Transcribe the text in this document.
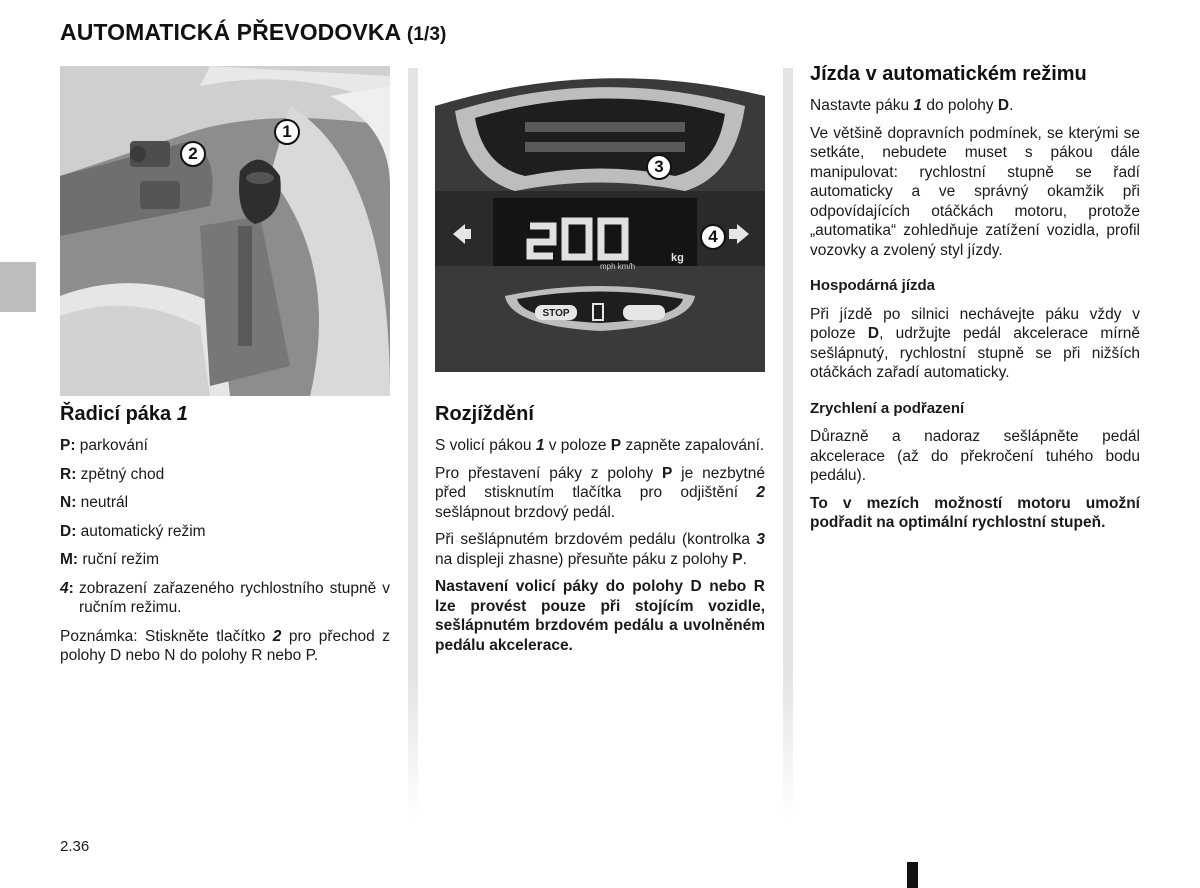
AUTOMATICKÁ PŘEVODOVKA (1/3)
1
2
mph km/h
kg
STOP
3
4
Řadicí páka 1
P: parkování
R: zpětný chod
N: neutrál
D: automatický režim
M: ruční režim
4: zobrazení zařazeného rychlostního stupně v ručním režimu.

Poznámka: Stiskněte tlačítko 2 pro přechod z polohy D nebo N do polohy R nebo P.

Rozjíždění

S volicí pákou 1 v poloze P zapněte zapalování.

Pro přestavení páky z polohy P je nezbytné před stisknutím tlačítka pro odjištění 2 sešlápnout brzdový pedál.

Při sešlápnutém brzdovém pedálu (kontrolka 3 na displeji zhasne) přesuňte páku z polohy P.

Nastavení volicí páky do polohy D nebo R lze provést pouze při stojícím vozidle, sešlápnutém brzdovém pedálu a uvolněném pedálu akcelerace.

Jízda v automatickém režimu

Nastavte páku 1 do polohy D.

Ve většině dopravních podmínek, se kterými se setkáte, nebudete muset s pákou dále manipulovat: rychlostní stupně se řadí automaticky a ve správný okamžik při odpovídajících otáčkách motoru, protože „automatika“ zohledňuje zatížení vozidla, profil vozovky a zvolený styl jízdy.

Hospodárná jízda

Při jízdě po silnici nechávejte páku vždy v poloze D, udržujte pedál akcelerace mírně sešlápnutý, rychlostní stupně se při nižších otáčkách zařadí automaticky.

Zrychlení a podřazení

Důrazně a nadoraz sešlápněte pedál akcelerace (až do překročení tuhého bodu pedálu).

To v mezích možností motoru umožní podřadit na optimální rychlostní stupeň.

2.36
